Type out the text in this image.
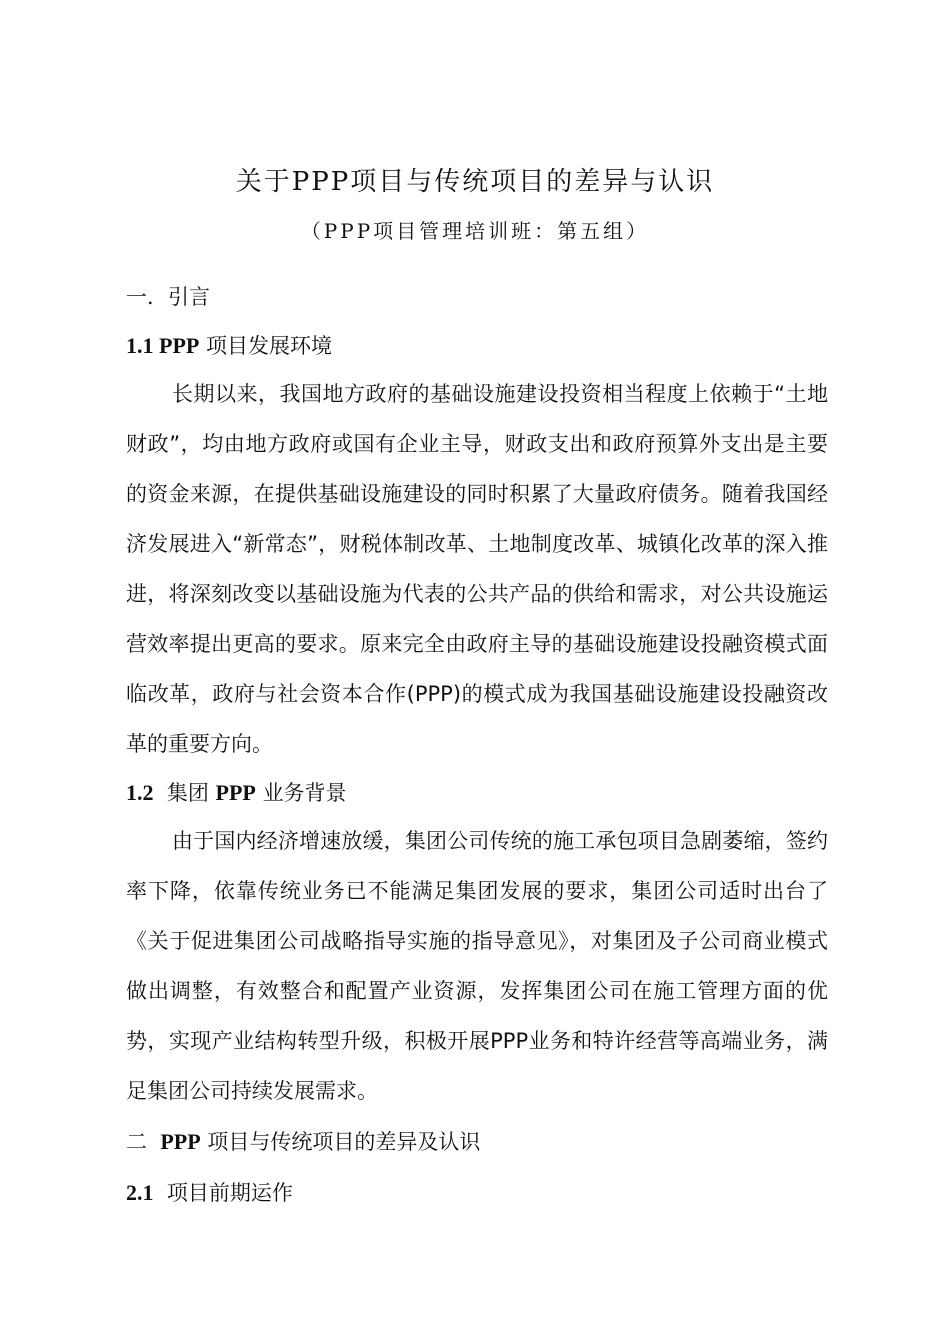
关于PPP项目与传统项目的差异与认识
（PPP项目管理培训班：第五组）
一．引言
1.1 PPP 项目发展环境
长期以来，我国地方政府的基础设施建设投资相当程度上依赖于“土地财政”，均由地方政府或国有企业主导，财政支出和政府预算外支出是主要的资金来源，在提供基础设施建设的同时积累了大量政府债务。随着我国经济发展进入“新常态”，财税体制改革、土地制度改革、城镇化改革的深入推进，将深刻改变以基础设施为代表的公共产品的供给和需求，对公共设施运营效率提出更高的要求。原来完全由政府主导的基础设施建设投融资模式面临改革，政府与社会资本合作(PPP)的模式成为我国基础设施建设投融资改革的重要方向。
1.2 集团 PPP 业务背景
由于国内经济增速放缓，集团公司传统的施工承包项目急剧萎缩，签约率下降，依靠传统业务已不能满足集团发展的要求，集团公司适时出台了《关于促进集团公司战略指导实施的指导意见》，对集团及子公司商业模式做出调整，有效整合和配置产业资源，发挥集团公司在施工管理方面的优势，实现产业结构转型升级，积极开展PPP业务和特许经营等高端业务，满足集团公司持续发展需求。
二 PPP 项目与传统项目的差异及认识
2.1 项目前期运作
